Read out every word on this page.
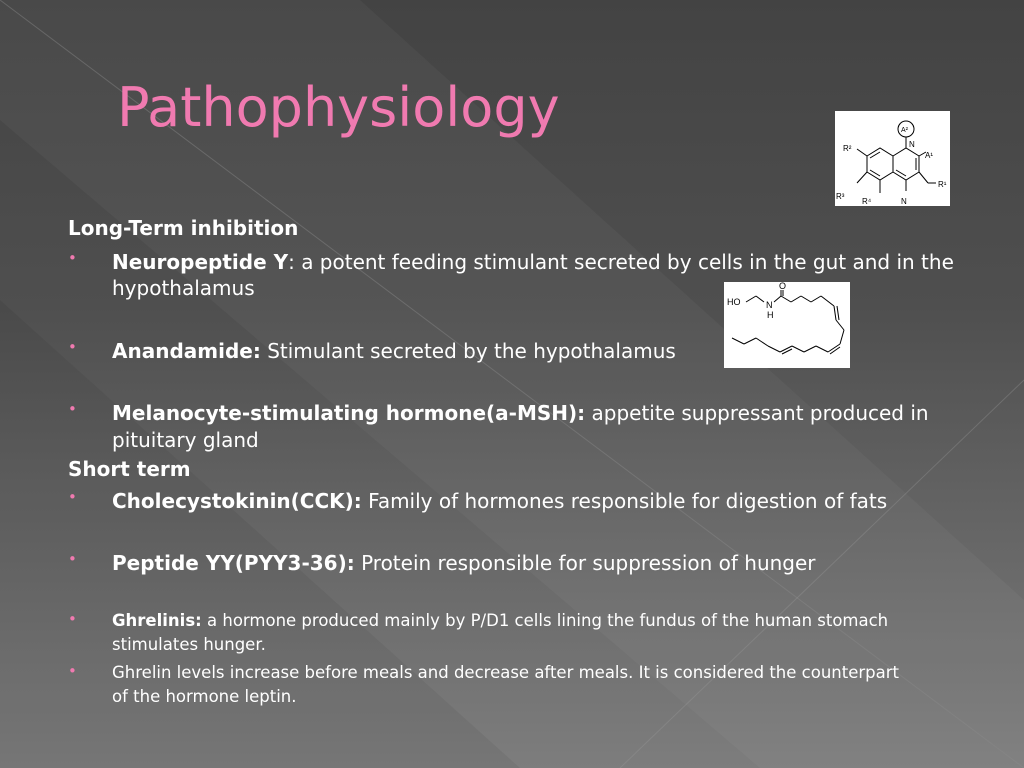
Pathophysiology	A²
N
A¹
R²
R³
R⁴	N
R¹
HO
O
N
H
Long-Term inhibition
• Neuropeptide Y: a potent feeding stimulant secreted by cells in the gut and in the hypothalamus
• Anandamide: Stimulant secreted by the hypothalamus
• Melanocyte-stimulating hormone(a-MSH): appetite suppressant produced in pituitary gland
Short term
• Cholecystokinin(CCK): Family of hormones responsible for digestion of fats
• Peptide YY(PYY3-36): Protein responsible for suppression of hunger
• Ghrelinis: a hormone produced mainly by P/D1 cells lining the fundus of the human stomach stimulates hunger.
• Ghrelin levels increase before meals and decrease after meals. It is considered the counterpart of the hormone leptin.
